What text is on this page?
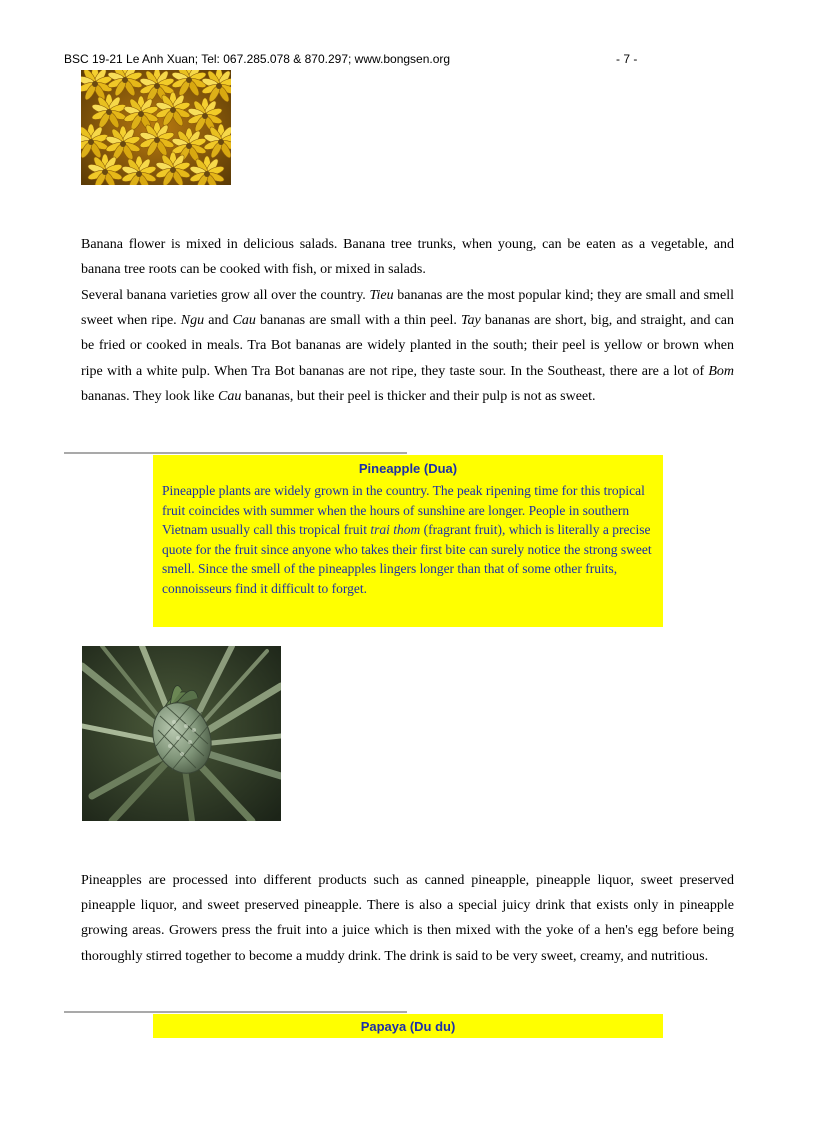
BSC 19-21 Le Anh Xuan; Tel: 067.285.078 & 870.297; www.bongsen.org	- 7 -
Banana flower is mixed in delicious salads. Banana tree trunks, when young, can be eaten as a vegetable, and banana tree roots can be cooked with fish, or mixed in salads.
Several banana varieties grow all over the country. Tieu bananas are the most popular kind; they are small and smell sweet when ripe. Ngu and Cau bananas are small with a thin peel. Tay bananas are short, big, and straight, and can be fried or cooked in meals. Tra Bot bananas are widely planted in the south; their peel is yellow or brown when ripe with a white pulp. When Tra Bot bananas are not ripe, they taste sour. In the Southeast, there are a lot of Bom bananas. They look like Cau bananas, but their peel is thicker and their pulp is not as sweet.
Pineapple (Dua)
Pineapple plants are widely grown in the country. The peak ripening time for this tropical fruit coincides with summer when the hours of sunshine are longer. People in southern Vietnam usually call this tropical fruit trai thom (fragrant fruit), which is literally a precise quote for the fruit since anyone who takes their first bite can surely notice the strong sweet smell. Since the smell of the pineapples lingers longer than that of some other fruits, connoisseurs find it difficult to forget.
Pineapples are processed into different products such as canned pineapple, pineapple liquor, sweet preserved pineapple liquor, and sweet preserved pineapple. There is also a special juicy drink that exists only in pineapple growing areas. Growers press the fruit into a juice which is then mixed with the yoke of a hen's egg before being thoroughly stirred together to become a muddy drink. The drink is said to be very sweet, creamy, and nutritious.
Papaya (Du du)
